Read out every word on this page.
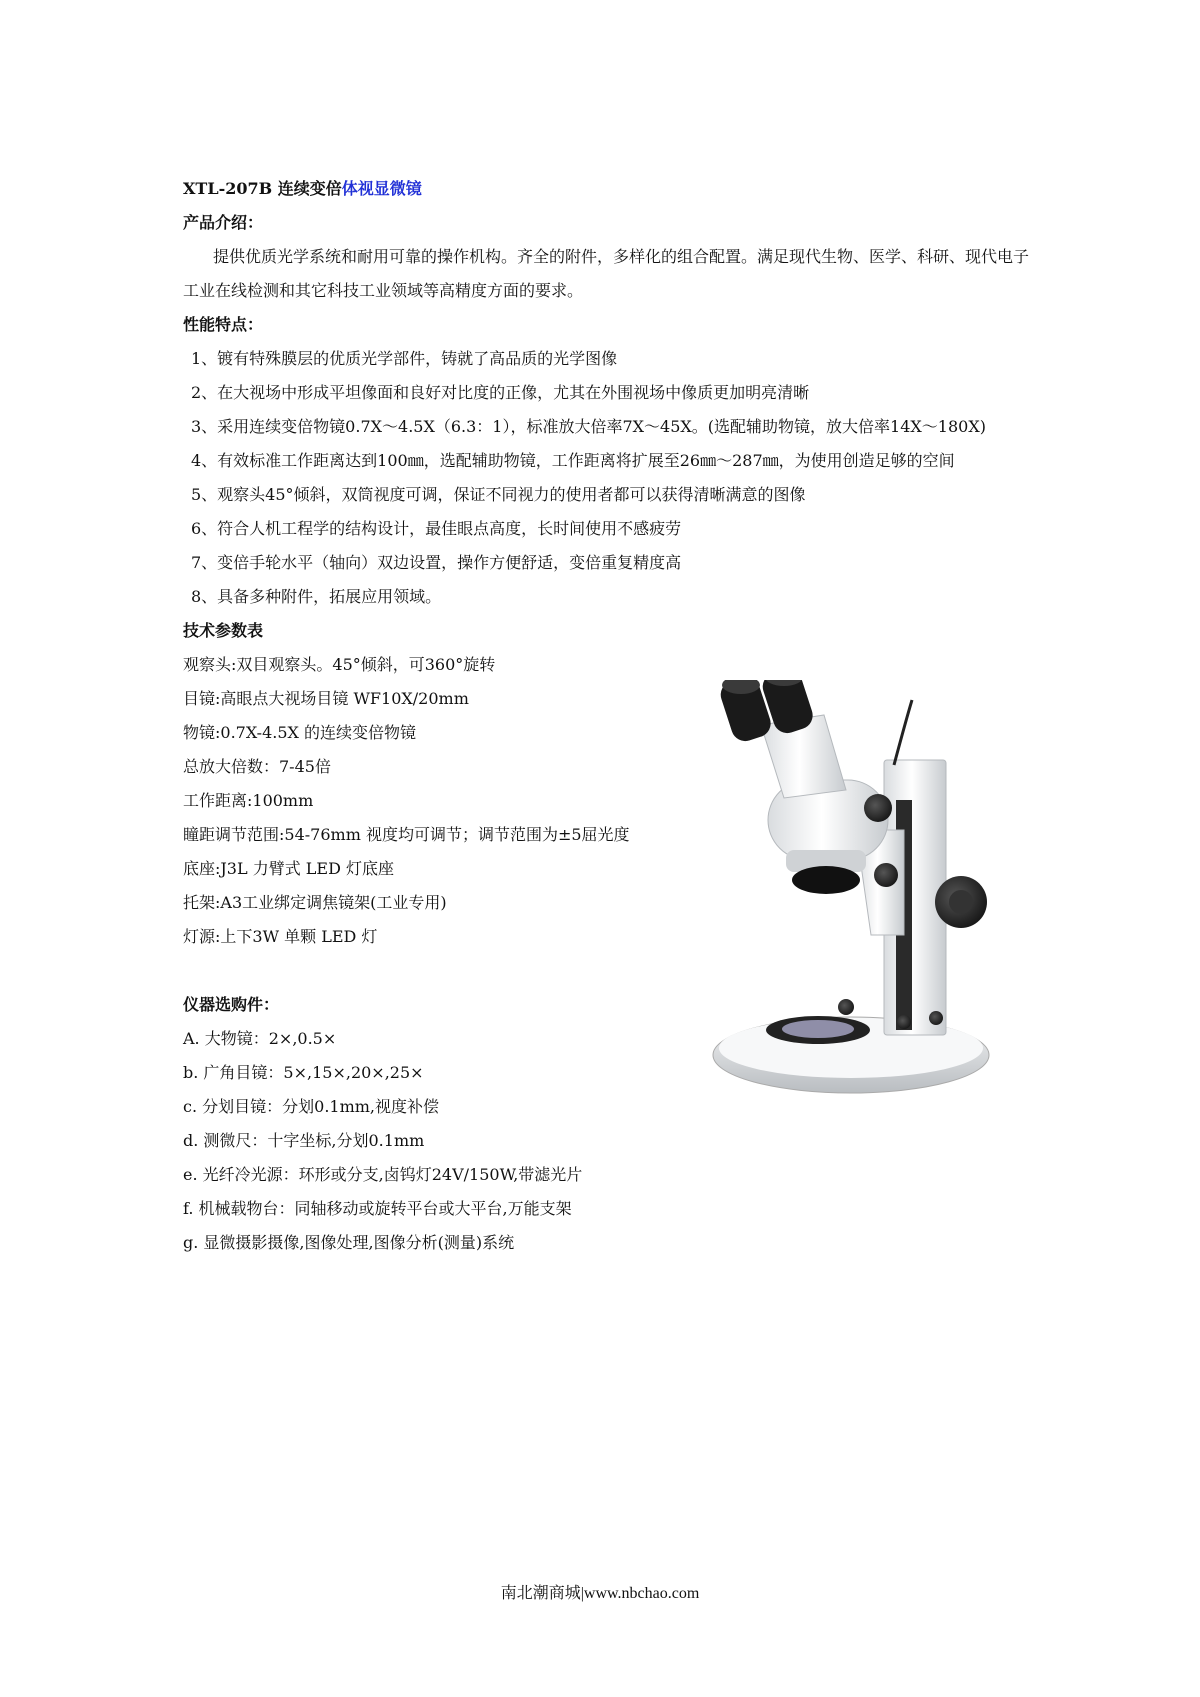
XTL-207B 连续变倍体视显微镜
产品介绍：
提供优质光学系统和耐用可靠的操作机构。齐全的附件，多样化的组合配置。满足现代生物、医学、科研、现代电子工业在线检测和其它科技工业领域等高精度方面的要求。
性能特点：
1、镀有特殊膜层的优质光学部件，铸就了高品质的光学图像
2、在大视场中形成平坦像面和良好对比度的正像，尤其在外围视场中像质更加明亮清晰
3、采用连续变倍物镜0.7X～4.5X（6.3：1），标准放大倍率7X～45X。(选配辅助物镜，放大倍率14X～180X)
4、有效标准工作距离达到100㎜，选配辅助物镜，工作距离将扩展至26㎜～287㎜，为使用创造足够的空间
5、观察头45°倾斜，双筒视度可调，保证不同视力的使用者都可以获得清晰满意的图像
6、符合人机工程学的结构设计，最佳眼点高度，长时间使用不感疲劳
7、变倍手轮水平（轴向）双边设置，操作方便舒适，变倍重复精度高
8、具备多种附件，拓展应用领域。
技术参数表
观察头:双目观察头。45°倾斜，可360°旋转
目镜:高眼点大视场目镜 WF10X/20mm
物镜:0.7X-4.5X 的连续变倍物镜
总放大倍数：7-45倍
工作距离:100mm
瞳距调节范围:54-76mm 视度均可调节；调节范围为±5屈光度
底座:J3L 力臂式 LED 灯底座
托架:A3工业绑定调焦镜架(工业专用)
灯源:上下3W 单颗 LED 灯
仪器选购件：
A. 大物镜：2×,0.5×
b. 广角目镜：5×,15×,20×,25×
c. 分划目镜：分划0.1mm,视度补偿
d. 测微尺：十字坐标,分划0.1mm
e. 光纤冷光源：环形或分支,卤钨灯24V/150W,带滤光片
f. 机械载物台：同轴移动或旋转平台或大平台,万能支架
g. 显微摄影摄像,图像处理,图像分析(测量)系统
南北潮商城|www.nbchao.com
